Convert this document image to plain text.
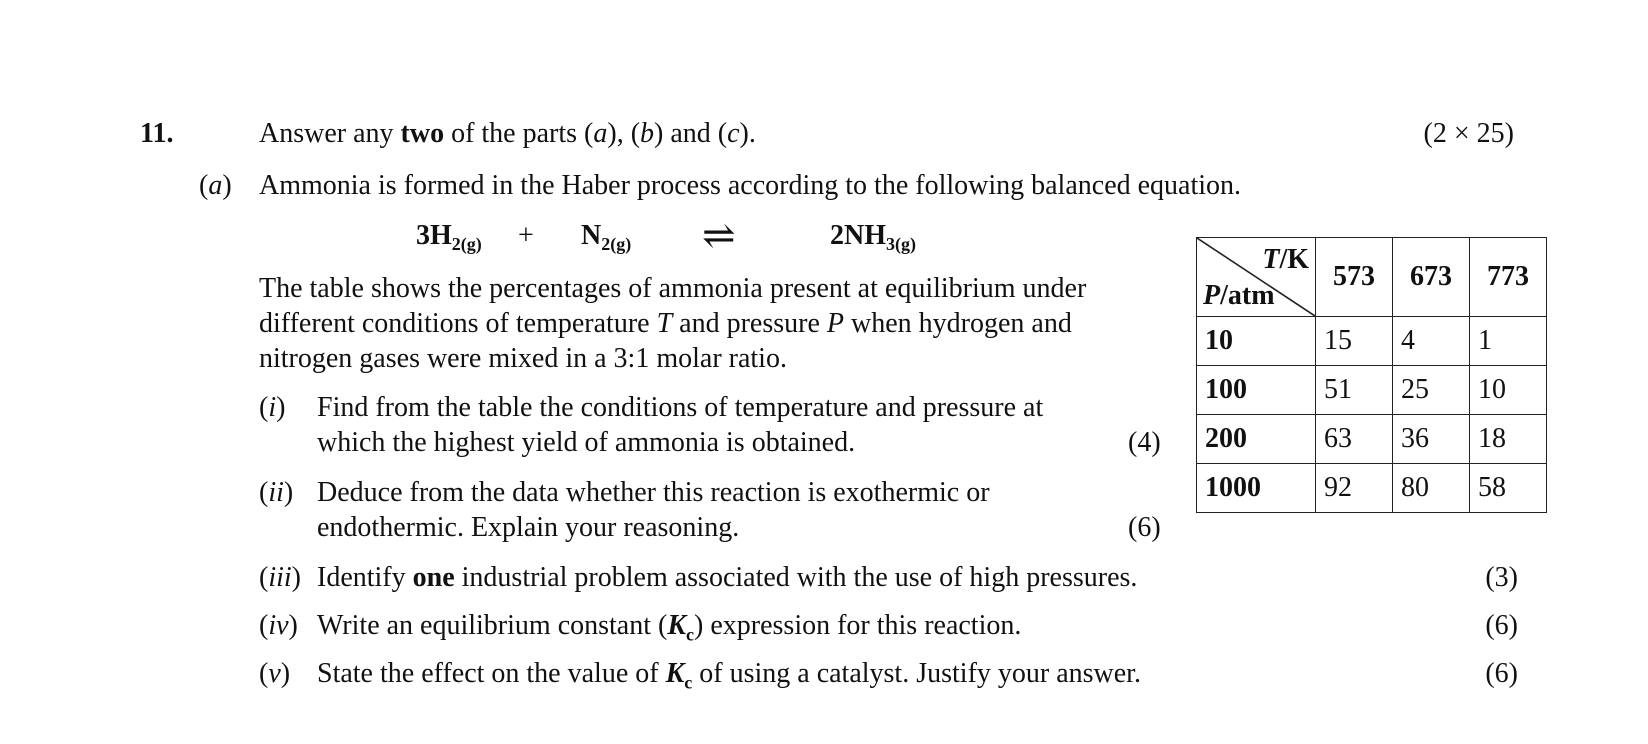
11.	Answer any two of the parts (a), (b) and (c).	(2 × 25)
(a) Ammonia is formed in the Haber process according to the following balanced equation.
$3H_{2(g)} + N_{2(g)}$ ⇌	$2NH_{3(g)}$
The table shows the percentages of ammonia present at equilibrium under
different conditions of temperature T and pressure P when hydrogen and
nitrogen gases were mixed in a 3:1 molar ratio.
(i) Find from the table the conditions of temperature and pressure at
which the highest yield of ammonia is obtained.	(4)
(ii) Deduce from the data whether this reaction is exothermic or
endothermic. Explain your reasoning.	(6)
(iii) Identify one industrial problem associated with the use of high pressures.	(3)
(iv) Write an equilibrium constant $(K_c)$ expression for this reaction.	(6)
(v) State the effect on the value of $K_c$ of using a catalyst. Justify your answer.	(6)
T/K
P/atm	573	673	773
10	15	4	1
100	51	25	10
200	63	36	18
1000	92	80	58
